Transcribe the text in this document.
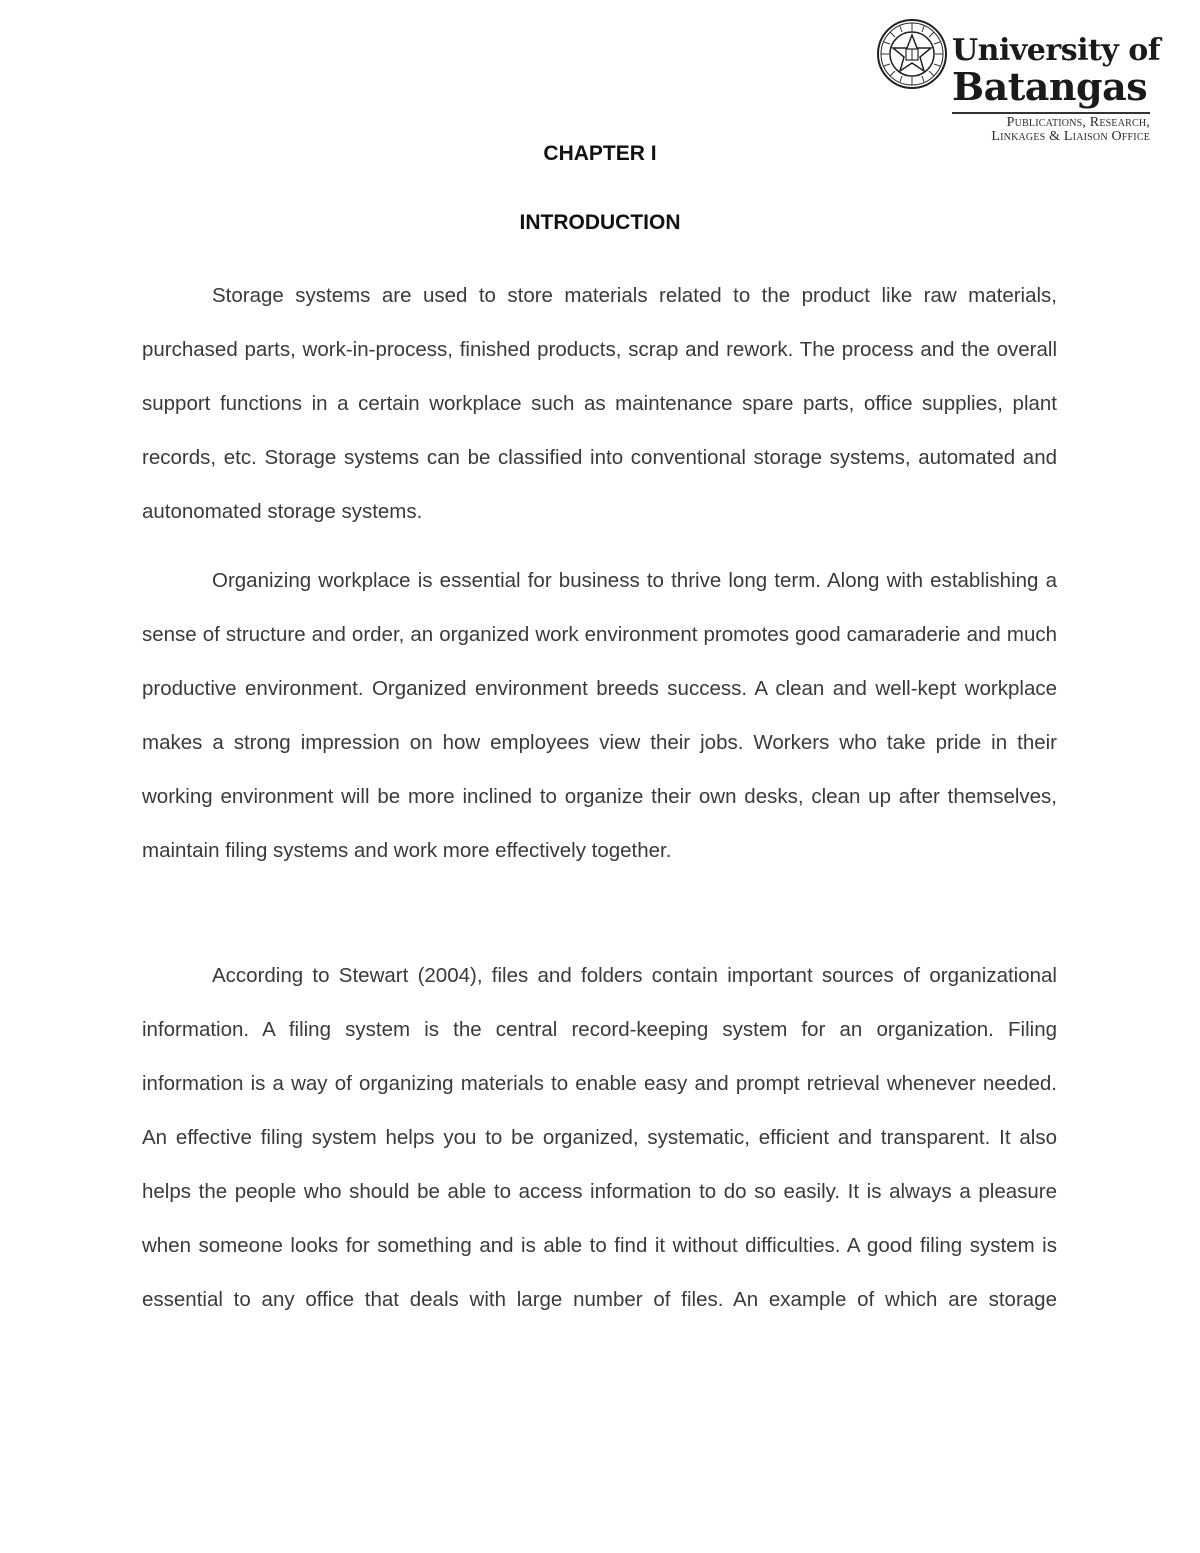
University of
Batangas
Publications, Research,
Linkages & Liaison Office
CHAPTER I
INTRODUCTION

Storage systems are used to store materials related to the product like raw materials, purchased parts, work-in-process, finished products, scrap and rework. The process and the overall support functions in a certain workplace such as maintenance spare parts, office supplies, plant records, etc. Storage systems can be classified into conventional storage systems, automated and autonomated storage systems.

Organizing workplace is essential for business to thrive long term. Along with establishing a sense of structure and order, an organized work environment promotes good camaraderie and much productive environment. Organized environment breeds success. A clean and well-kept workplace makes a strong impression on how employees view their jobs. Workers who take pride in their working environment will be more inclined to organize their own desks, clean up after themselves, maintain filing systems and work more effectively together.

According to Stewart (2004), files and folders contain important sources of organizational information. A filing system is the central record-keeping system for an organization. Filing information is a way of organizing materials to enable easy and prompt retrieval whenever needed. An effective filing system helps you to be organized, systematic, efficient and transparent. It also helps the people who should be able to access information to do so easily. It is always a pleasure when someone looks for something and is able to find it without difficulties. A good filing system is essential to any office that deals with large number of files. An example of which are storage
